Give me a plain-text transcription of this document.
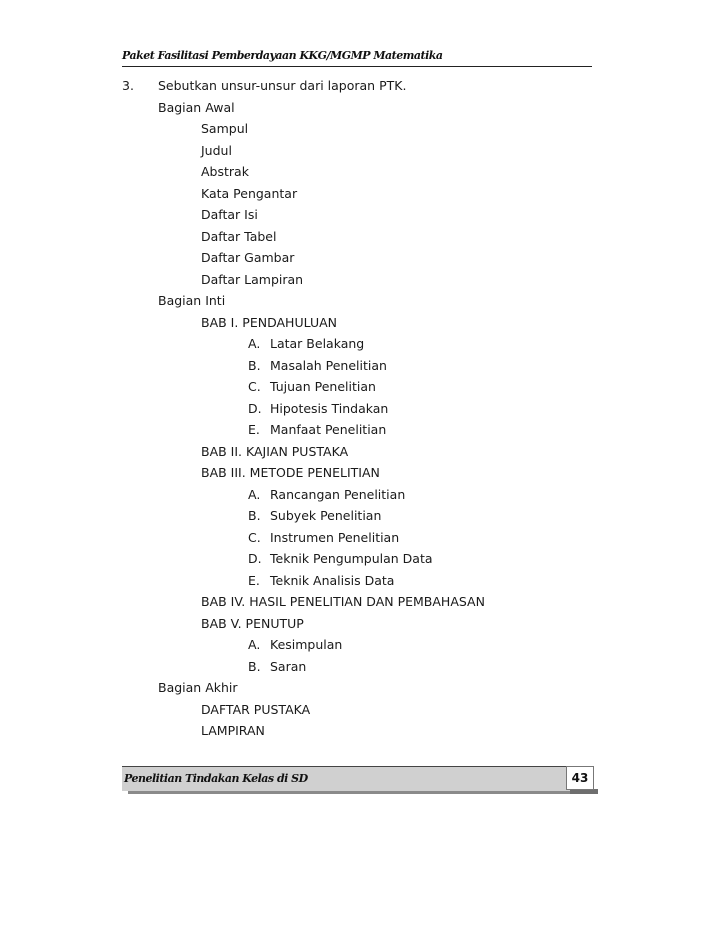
Paket Fasilitasi Pemberdayaan KKG/MGMP Matematika
3. Sebutkan unsur-unsur dari laporan PTK.
Bagian Awal
Sampul
Judul
Abstrak
Kata Pengantar
Daftar Isi
Daftar Tabel
Daftar Gambar
Daftar Lampiran
Bagian Inti
BAB I. PENDAHULUAN
A. Latar Belakang
B. Masalah Penelitian
C. Tujuan Penelitian
D. Hipotesis Tindakan
E. Manfaat Penelitian
BAB II. KAJIAN PUSTAKA
BAB III. METODE PENELITIAN
A. Rancangan Penelitian
B. Subyek Penelitian
C. Instrumen Penelitian
D. Teknik Pengumpulan Data
E. Teknik Analisis Data
BAB IV. HASIL PENELITIAN DAN PEMBAHASAN
BAB V. PENUTUP
A. Kesimpulan
B. Saran
Bagian Akhir
DAFTAR PUSTAKA
LAMPIRAN
Penelitian Tindakan Kelas di SD	43
